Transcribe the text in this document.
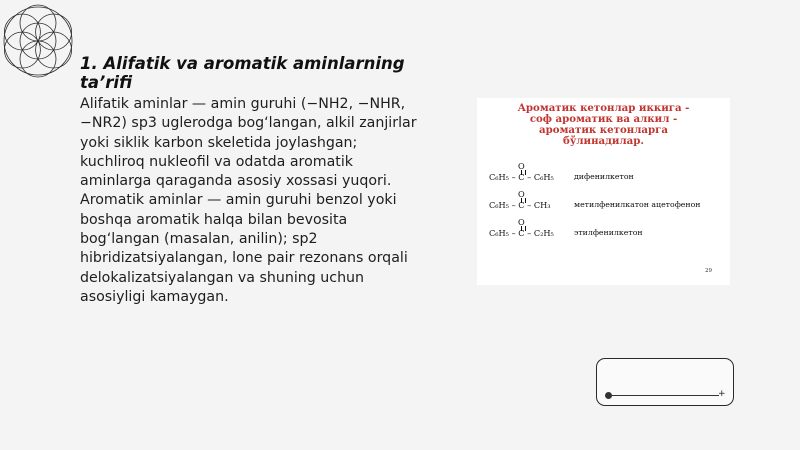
1. Alifatik va aromatik aminlarning ta’rifi
Alifatik aminlar — amin guruhi (−NH2, −NHR, −NR2) sp3 uglerodga bog‘langan, alkil zanjirlar yoki siklik karbon skeletida joylashgan; kuchliroq nukleofil va odatda aromatik aminlarga qaraganda asosiy xossasi yuqori. Aromatik aminlar — amin guruhi benzol yoki boshqa aromatik halqa bilan bevosita bog‘langan (masalan, anilin); sp2 hibridizatsiyalangan, lone pair rezonans orqali delokalizatsiyalangan va shuning uchun asosiyligi kamaygan.
Ароматик кетонлар иккига -
соф ароматик ва алкил -
ароматик кетонларга
бўлинадилар.
O
C₆H₅ – C – C₆H₅	дифенилкетон
O
C₆H₅ – C – CH₃	метилфенилкатон ацетофенон
O
C₆H₅ – C – C₂H₅	этилфенилкетон
29
+
